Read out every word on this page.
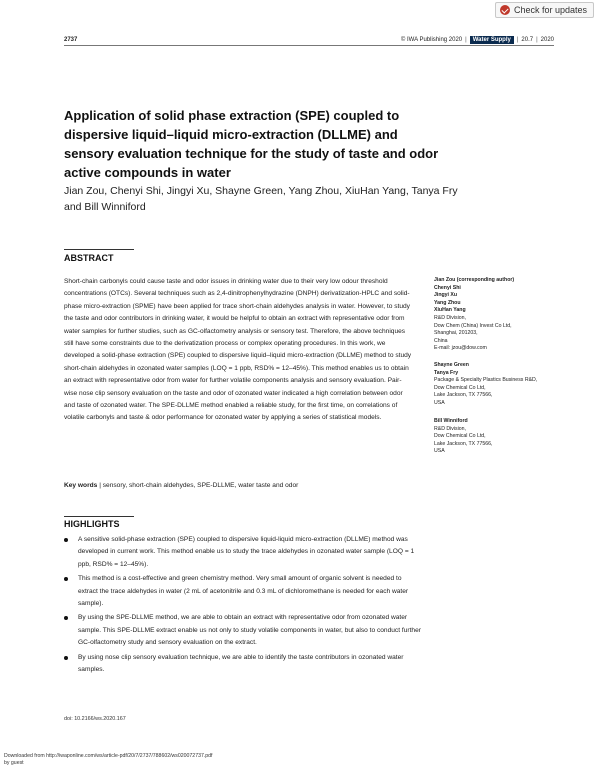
Check for updates
2737	© IWA Publishing 2020 |	Water Supply	| 20.7 | 2020
Application of solid phase extraction (SPE) coupled to dispersive liquid–liquid micro-extraction (DLLME) and sensory evaluation technique for the study of taste and odor active compounds in water
Jian Zou, Chenyi Shi, Jingyi Xu, Shayne Green, Yang Zhou, XiuHan Yang, Tanya Fry and Bill Winniford
ABSTRACT
Short-chain carbonyls could cause taste and odor issues in drinking water due to their very low odour threshold concentrations (OTCs). Several techniques such as 2,4-dinitrophenylhydrazine (DNPH) derivatization-HPLC and solid-phase micro-extraction (SPME) have been applied for trace short-chain aldehydes analysis in water. However, to study the taste and odor contributors in drinking water, it would be helpful to obtain an extract with representative odor from water samples for further studies, such as GC-olfactometry analysis or sensory test. Therefore, the above techniques still have some constraints due to the derivatization process or complex operating procedures. In this work, we developed a solid-phase extraction (SPE) coupled to dispersive liquid–liquid micro-extraction (DLLME) method to study short-chain aldehydes in ozonated water samples (LOQ = 1 ppb, RSD% = 12–45%). This method enables us to obtain an extract with representative odor from water for further volatile components analysis and sensory evaluation. Pair-wise nose clip sensory evaluation on the taste and odor of ozonated water indicated a high correlation between odor and taste of ozonated water. The SPE-DLLME method enabled a reliable study, for the first time, on correlations of volatile carbonyls and taste & odor performance for ozonated water by applying a series of statistical models.
Key words | sensory, short-chain aldehydes, SPE-DLLME, water taste and odor
Jian Zou (corresponding author)
Chenyi Shi
Jingyi Xu
Yang Zhou
XiuHan Yang
R&D Division,
Dow Chem (China) Invest Co Ltd,
Shanghai, 201203,
China
E-mail: jzou@dow.com
Shayne Green
Tanya Fry
Package & Specialty Plastics Business R&D,
Dow Chemical Co Ltd,
Lake Jackson, TX 77566,
USA
Bill Winniford
R&D Division,
Dow Chemical Co Ltd,
Lake Jackson, TX 77566,
USA
HIGHLIGHTS
A sensitive solid-phase extraction (SPE) coupled to dispersive liquid-liquid micro-extraction (DLLME) method was developed in current work. This method enable us to study the trace aldehydes in ozonated water sample (LOQ = 1 ppb, RSD% = 12–45%).
This method is a cost-effective and green chemistry method. Very small amount of organic solvent is needed to extract the trace aldehydes in water (2 mL of acetonitrile and 0.3 mL of dichloromethane is needed for each water sample).
By using the SPE-DLLME method, we are able to obtain an extract with representative odor from ozonated water sample. This SPE-DLLME extract enable us not only to study volatile components in water, but also to conduct further GC-olfactometry study and sensory evaluation on the extract.
By using nose clip sensory evaluation technique, we are able to identify the taste contributors in ozonated water samples.
doi: 10.2166/ws.2020.167
Downloaded from http://iwaponline.com/ws/article-pdf/20/7/2737/788602/ws020072737.pdf
by guest
